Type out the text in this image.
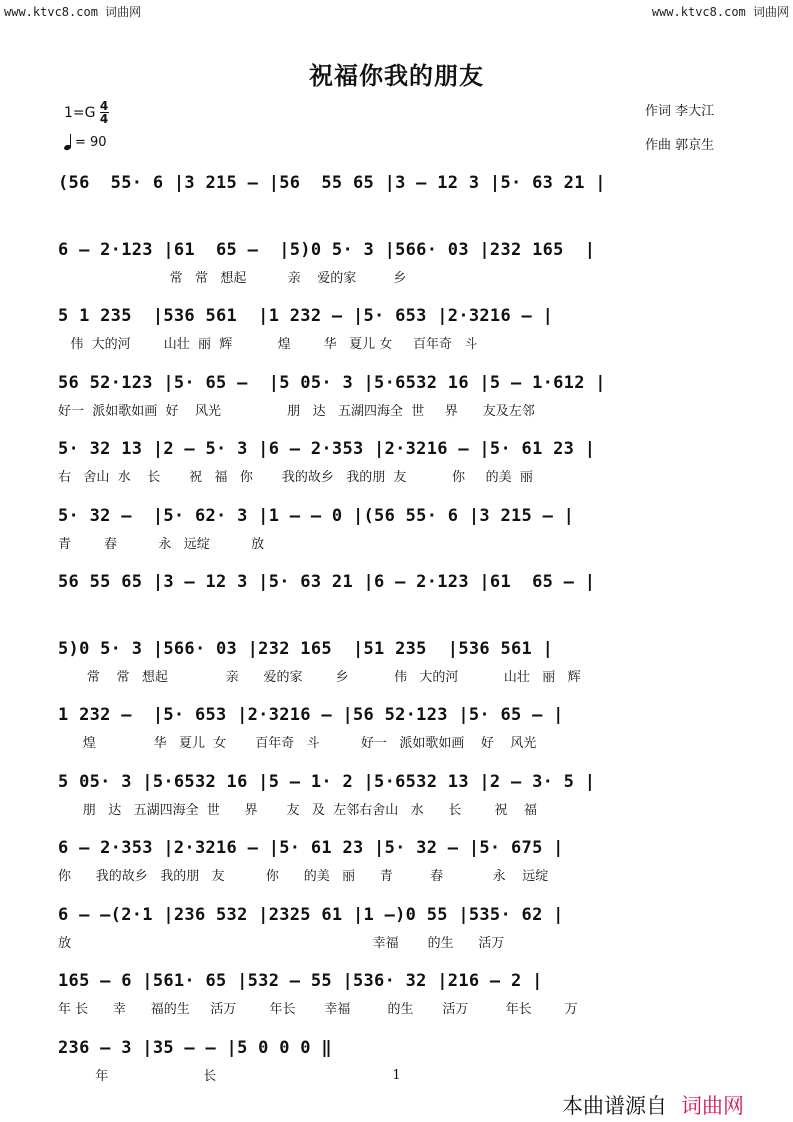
www.ktvc8.com 词曲网	www.ktvc8.com 词曲网
祝福你我的朋友
1=G 4
4
= 90
作词 李大江
作曲 郭京生
(56  55· 6 |3 215 – |56  55 65 |3 – 12 3 |5· 63 21 |
6 – 2·123 |61  65 –  |5)0 5· 3 |566· 03 |232 165  |
常   常   想起          亲    爱的家         乡
5 1 235  |536 561  |1 232 – |5· 653 |2·3216 – |
伟  大的河        山壮  丽  辉           煌        华   夏儿 女     百年奇   斗
56 52·123 |5· 65 –  |5 05· 3 |5·6532 16 |5 – 1·612 |
好一  派如歌如画  好    风光                朋   达   五湖四海全  世     界      友及左邻
5· 32 13 |2 – 5· 3 |6 – 2·353 |2·3216 – |5· 61 23 |
右   舍山  水    长       祝   福   你       我的故乡   我的朋  友           你     的美  丽
5· 32 –  |5· 62· 3 |1 – – 0 |(56 55· 6 |3 215 – |
青        春          永   远绽          放
56 55 65 |3 – 12 3 |5· 63 21 |6 – 2·123 |61  65 – |
5)0 5· 3 |566· 03 |232 165  |51 235  |536 561 |
常    常   想起              亲      爱的家        乡           伟   大的河           山壮   丽   辉
1 232 –  |5· 653 |2·3216 – |56 52·123 |5· 65 – |
煌              华   夏儿  女       百年奇   斗          好一   派如歌如画    好    风光
5 05· 3 |5·6532 16 |5 – 1· 2 |5·6532 13 |2 – 3· 5 |
朋   达   五湖四海全  世      界       友   及  左邻右舍山   水      长        祝    福
6 – 2·353 |2·3216 – |5· 61 23 |5· 32 – |5· 675 |
你      我的故乡   我的朋   友          你      的美   丽      青         春            永    远绽
6 – –(2·1 |236 532 |2325 61 |1 –)0 55 |535· 62 |
放                                                                         幸福       的生      活万
165 – 6 |561· 65 |532 – 55 |536· 32 |216 – 2 |
年 长      幸      福的生     活万        年长       幸福         的生       活万         年长        万
236 – 3 |35 – – |5 0 0 0 ‖
年                       长	1
本曲谱源自 词曲网
